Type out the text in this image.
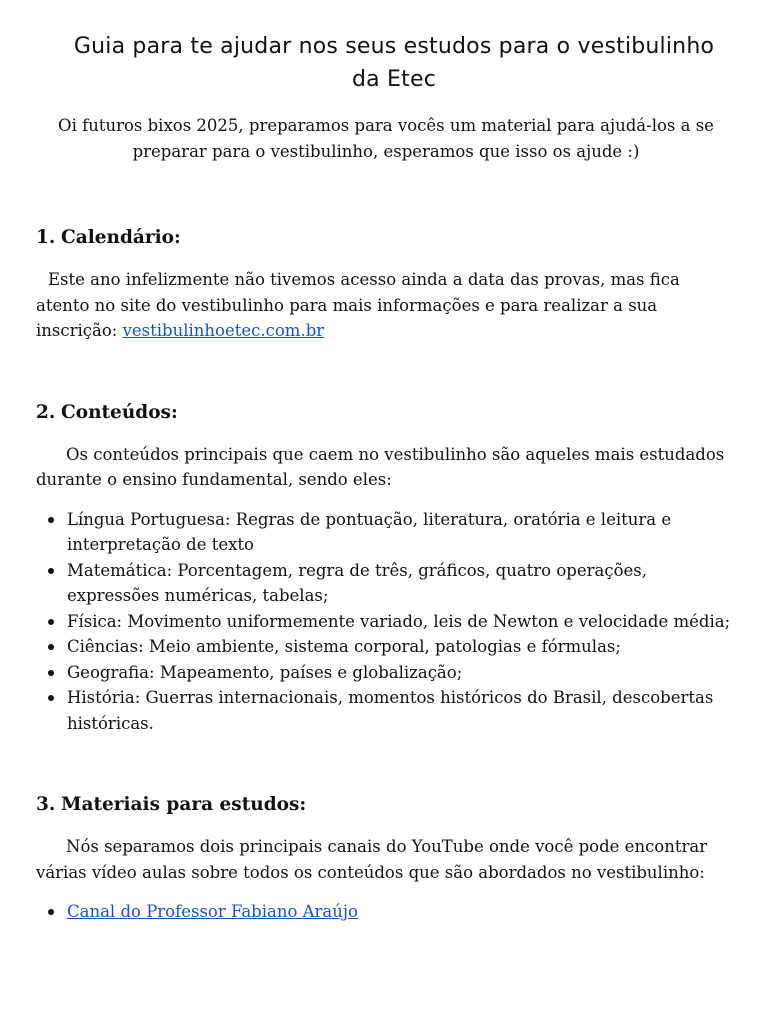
Guia para te ajudar nos seus estudos para o vestibulinho da Etec

Oi futuros bixos 2025, preparamos para vocês um material para ajudá-los a se preparar para o vestibulinho, esperamos que isso os ajude :)

1. Calendário:

Este ano infelizmente não tivemos acesso ainda a data das provas, mas fica atento no site do vestibulinho para mais informações e para realizar a sua inscrição: vestibulinhoetec.com.br

2. Conteúdos:

Os conteúdos principais que caem no vestibulinho são aqueles mais estudados durante o ensino fundamental, sendo eles:

Língua Portuguesa: Regras de pontuação, literatura, oratória e leitura e interpretação de texto
Matemática: Porcentagem, regra de três, gráficos, quatro operações, expressões numéricas, tabelas;
Física: Movimento uniformemente variado, leis de Newton e velocidade média;
Ciências: Meio ambiente, sistema corporal, patologias e fórmulas;
Geografia: Mapeamento, países e globalização;
História: Guerras internacionais, momentos históricos do Brasil, descobertas históricas.
3. Materiais para estudos:

Nós separamos dois principais canais do YouTube onde você pode encontrar várias vídeo aulas sobre todos os conteúdos que são abordados no vestibulinho:

Canal do Professor Fabiano Araújo
